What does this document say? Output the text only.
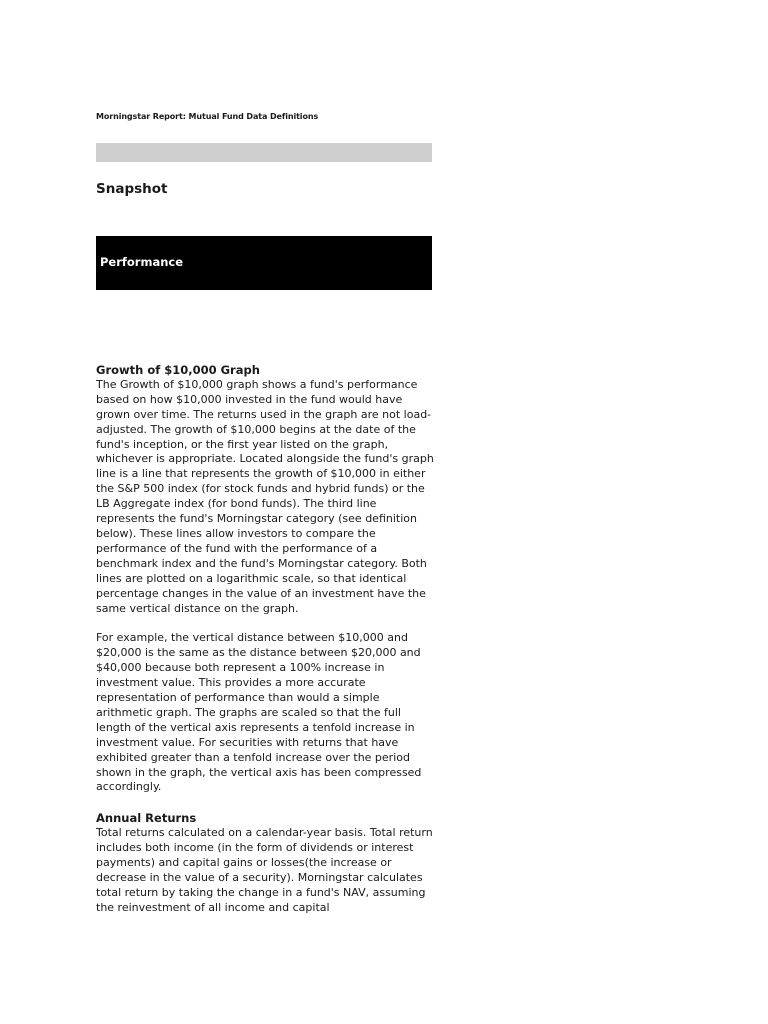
Morningstar Report: Mutual Fund Data Definitions
Snapshot
Performance

Growth of $10,000 Graph

The Growth of $10,000 graph shows a fund's performance based on how $10,000 invested in the fund would have grown over time. The returns used in the graph are not load-adjusted. The growth of $10,000 begins at the date of the fund's inception, or the first year listed on the graph, whichever is appropriate. Located alongside the fund's graph line is a line that represents the growth of $10,000 in either the S&P 500 index (for stock funds and hybrid funds) or the LB Aggregate index (for bond funds). The third line represents the fund's Morningstar category (see definition below). These lines allow investors to compare the performance of the fund with the performance of a benchmark index and the fund's Morningstar category. Both lines are plotted on a logarithmic scale, so that identical percentage changes in the value of an investment have the same vertical distance on the graph.

For example, the vertical distance between $10,000 and $20,000 is the same as the distance between $20,000 and $40,000 because both represent a 100% increase in investment value. This provides a more accurate representation of performance than would a simple arithmetic graph. The graphs are scaled so that the full length of the vertical axis represents a tenfold increase in investment value. For securities with returns that have exhibited greater than a tenfold increase over the period shown in the graph, the vertical axis has been compressed accordingly.

Annual Returns

Total returns calculated on a calendar-year basis. Total return includes both income (in the form of dividends or interest payments) and capital gains or losses(the increase or decrease in the value of a security). Morningstar calculates total return by taking the change in a fund's NAV, assuming the reinvestment of all income and capital
